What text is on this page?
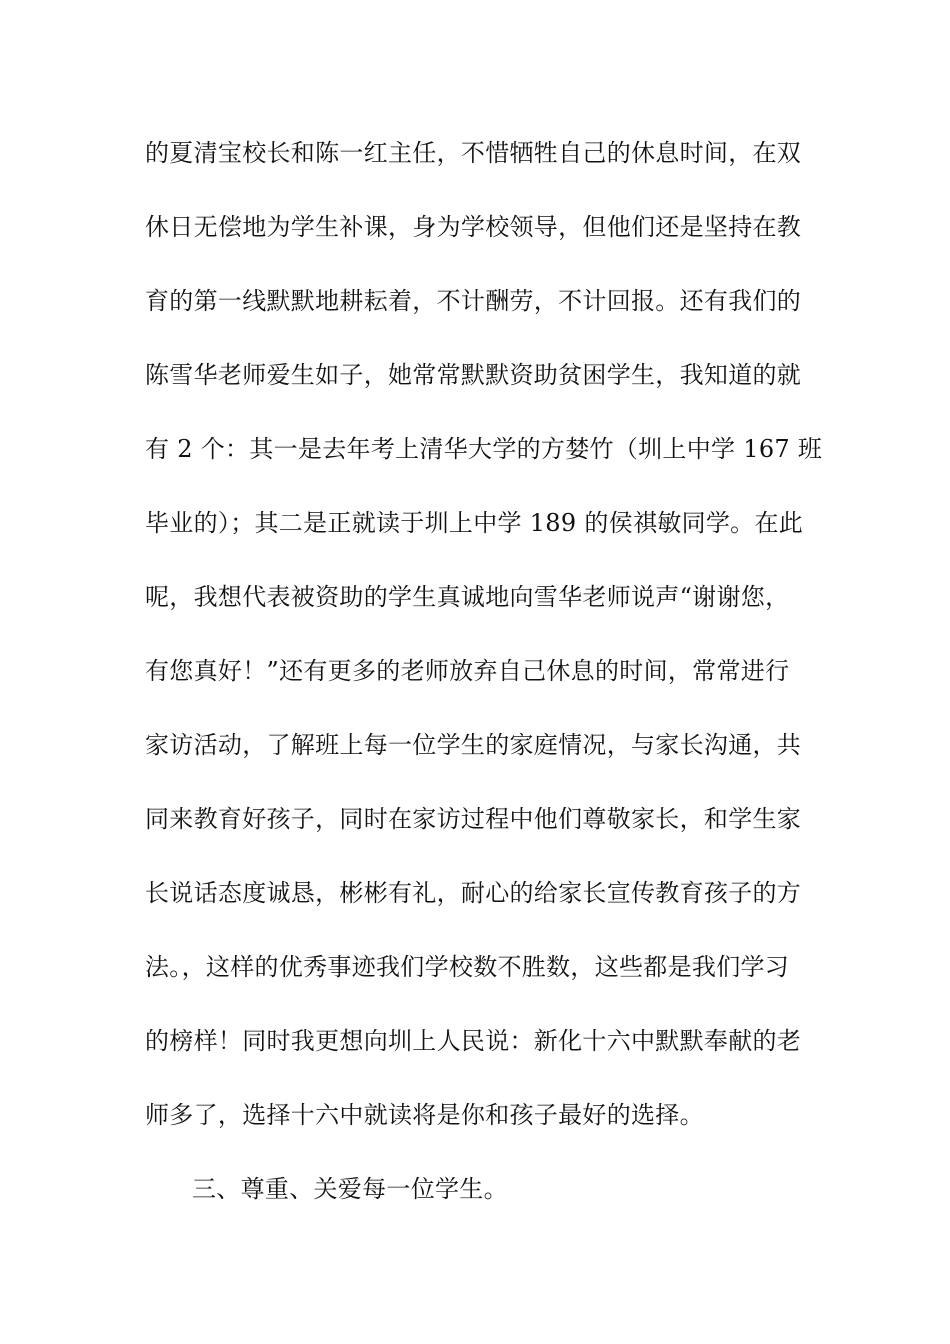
的夏清宝校长和陈一红主任，不惜牺牲自己的休息时间，在双
休日无偿地为学生补课，身为学校领导，但他们还是坚持在教
育的第一线默默地耕耘着，不计酬劳，不计回报。还有我们的
陈雪华老师爱生如子，她常常默默资助贫困学生，我知道的就
有 2 个：其一是去年考上清华大学的方婪竹（圳上中学 167 班
毕业的）；其二是正就读于圳上中学 189 的侯祺敏同学。在此
呢，我想代表被资助的学生真诚地向雪华老师说声“谢谢您，
有您真好！”还有更多的老师放弃自己休息的时间，常常进行
家访活动，了解班上每一位学生的家庭情况，与家长沟通，共
同来教育好孩子，同时在家访过程中他们尊敬家长，和学生家
长说话态度诚恳，彬彬有礼，耐心的给家长宣传教育孩子的方
法。，这样的优秀事迹我们学校数不胜数，这些都是我们学习
的榜样！同时我更想向圳上人民说：新化十六中默默奉献的老
师多了，选择十六中就读将是你和孩子最好的选择。
三、尊重、关爱每一位学生。
